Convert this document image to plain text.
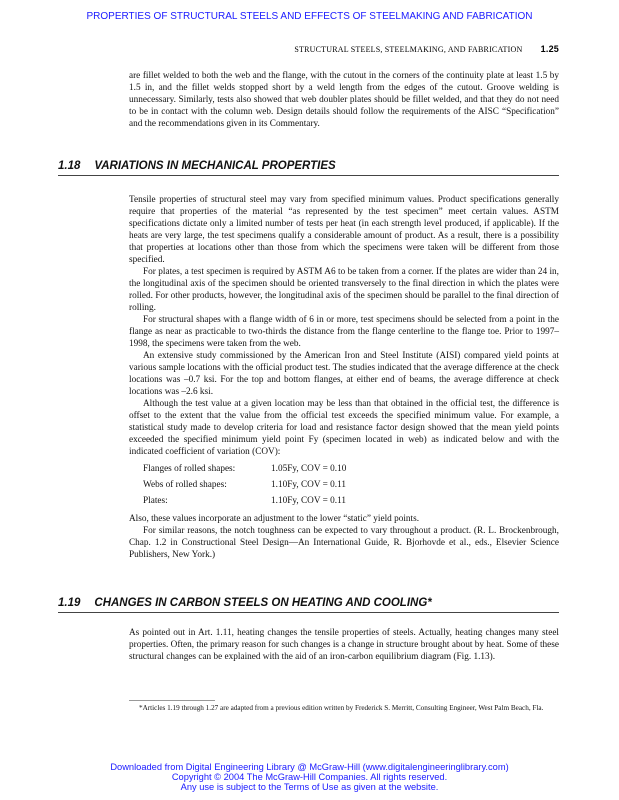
PROPERTIES OF STRUCTURAL STEELS AND EFFECTS OF STEELMAKING AND FABRICATION
STRUCTURAL STEELS, STEELMAKING, AND FABRICATION 1.25

are fillet welded to both the web and the flange, with the cutout in the corners of the continuity plate at least 1.5 by 1.5 in, and the fillet welds stopped short by a weld length from the edges of the cutout. Groove welding is unnecessary. Similarly, tests also showed that web doubler plates should be fillet welded, and that they do not need to be in contact with the column web. Design details should follow the requirements of the AISC “Specification” and the recommendations given in its Commentary.

1.18 VARIATIONS IN MECHANICAL PROPERTIES

Tensile properties of structural steel may vary from specified minimum values. Product specifications generally require that properties of the material “as represented by the test specimen” meet certain values. ASTM specifications dictate only a limited number of tests per heat (in each strength level produced, if applicable). If the heats are very large, the test specimens qualify a considerable amount of product. As a result, there is a possibility that properties at locations other than those from which the specimens were taken will be different from those specified.

For plates, a test specimen is required by ASTM A6 to be taken from a corner. If the plates are wider than 24 in, the longitudinal axis of the specimen should be oriented transversely to the final direction in which the plates were rolled. For other products, however, the longitudinal axis of the specimen should be parallel to the final direction of rolling.

For structural shapes with a flange width of 6 in or more, test specimens should be selected from a point in the flange as near as practicable to two-thirds the distance from the flange centerline to the flange toe. Prior to 1997–1998, the specimens were taken from the web.

An extensive study commissioned by the American Iron and Steel Institute (AISI) compared yield points at various sample locations with the official product test. The studies indicated that the average difference at the check locations was –0.7 ksi. For the top and bottom flanges, at either end of beams, the average difference at check locations was –2.6 ksi.

Although the test value at a given location may be less than that obtained in the official test, the difference is offset to the extent that the value from the official test exceeds the specified minimum value. For example, a statistical study made to develop criteria for load and resistance factor design showed that the mean yield points exceeded the specified minimum yield point Fy (specimen located in web) as indicated below and with the indicated coefficient of variation (COV):

Flanges of rolled shapes:	1.05Fy, COV = 0.10
Webs of rolled shapes:	1.10Fy, COV = 0.11
Plates:	1.10Fy, COV = 0.11

Also, these values incorporate an adjustment to the lower “static” yield points.

For similar reasons, the notch toughness can be expected to vary throughout a product. (R. L. Brockenbrough, Chap. 1.2 in Constructional Steel Design—An International Guide, R. Bjorhovde et al., eds., Elsevier Science Publishers, New York.)

1.19 CHANGES IN CARBON STEELS ON HEATING AND COOLING*

As pointed out in Art. 1.11, heating changes the tensile properties of steels. Actually, heating changes many steel properties. Often, the primary reason for such changes is a change in structure brought about by heat. Some of these structural changes can be explained with the aid of an iron-carbon equilibrium diagram (Fig. 1.13).

*Articles 1.19 through 1.27 are adapted from a previous edition written by Frederick S. Merritt, Consulting Engineer, West Palm Beach, Fla.
Downloaded from Digital Engineering Library @ McGraw-Hill (www.digitalengineeringlibrary.com)
Copyright © 2004 The McGraw-Hill Companies. All rights reserved.
Any use is subject to the Terms of Use as given at the website.
